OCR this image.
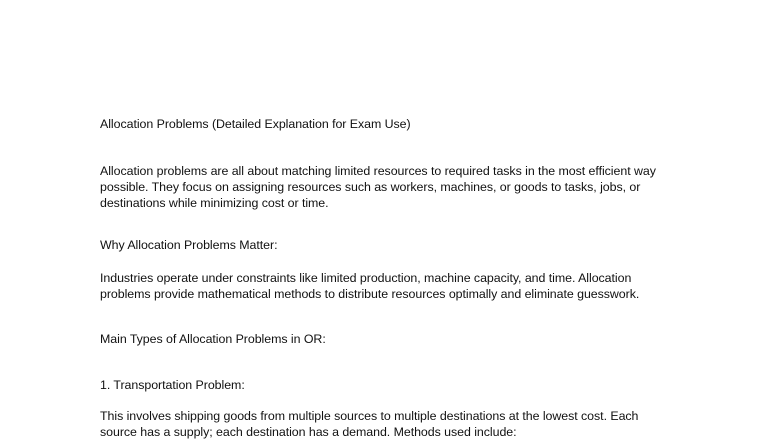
Allocation Problems (Detailed Explanation for Exam Use)
Allocation problems are all about matching limited resources to required tasks in the most efficient way
possible. They focus on assigning resources such as workers, machines, or goods to tasks, jobs, or
destinations while minimizing cost or time.
Why Allocation Problems Matter:
Industries operate under constraints like limited production, machine capacity, and time. Allocation
problems provide mathematical methods to distribute resources optimally and eliminate guesswork.
Main Types of Allocation Problems in OR:
1. Transportation Problem:
This involves shipping goods from multiple sources to multiple destinations at the lowest cost. Each
source has a supply; each destination has a demand. Methods used include:
